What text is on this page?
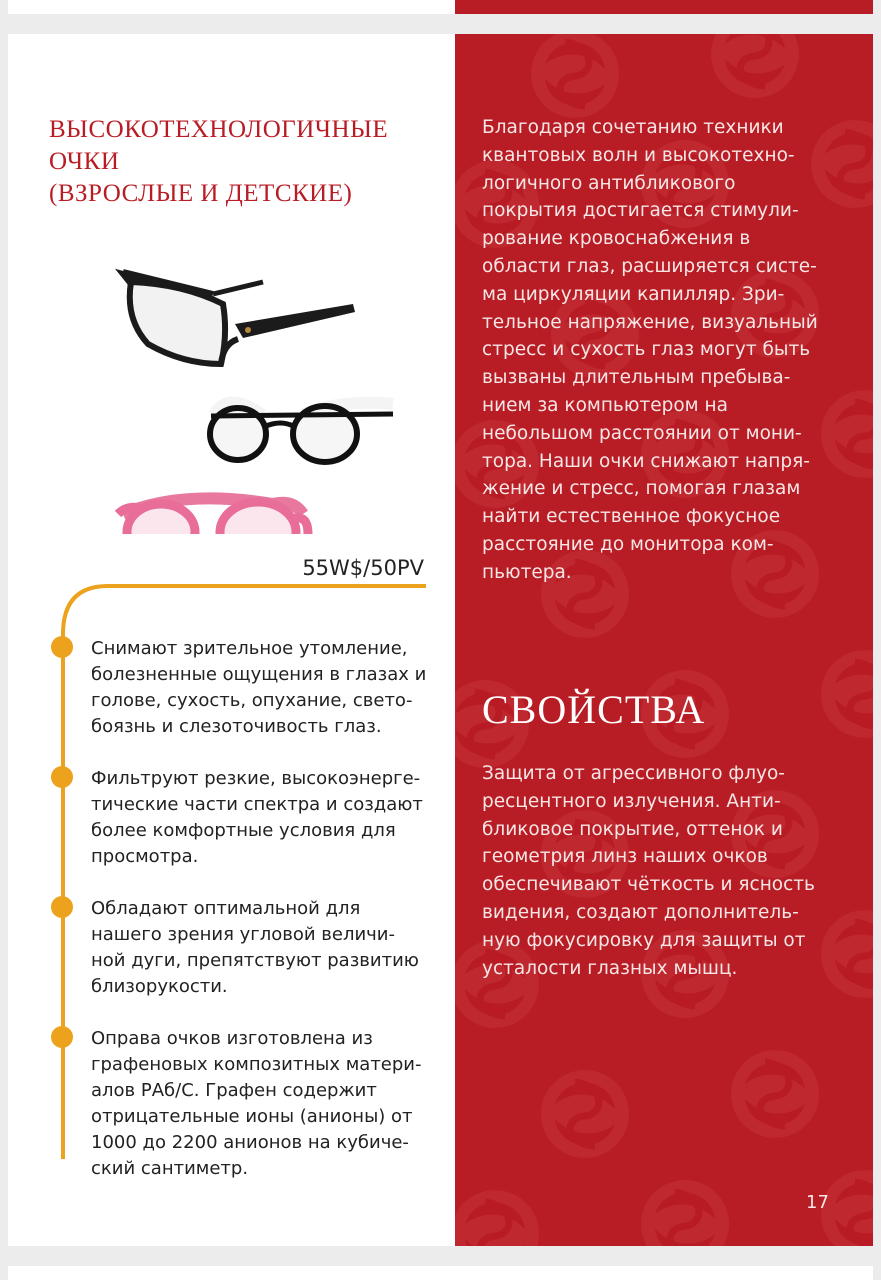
ВЫСОКОТЕХНОЛОГИЧНЫЕ
ОЧКИ
(ВЗРОСЛЫЕ И ДЕТСКИЕ)
55W$/50PV
Снимают зрительное утомление,
болезненные ощущения в глазах и
голове, сухость, опухание, свето-
боязнь и слезоточивость глаз.
Фильтруют резкие, высокоэнерге-
тические части спектра и создают
более комфортные условия для
просмотра.
Обладают оптимальной для
нашего зрения угловой величи-
ной дуги, препятствуют развитию
близорукости.
Оправа очков изготовлена из
графеновых композитных матери-
алов РАб/С. Графен содержит
отрицательные ионы (анионы) от
1000 до 2200 анионов на кубиче-
ский сантиметр.
Благодаря сочетанию техники
квантовых волн и высокотехно-
логичного антибликового
покрытия достигается стимули-
рование кровоснабжения в
области глаз, расширяется систе-
ма циркуляции капилляр. Зри-
тельное напряжение, визуальный
стресс и сухость глаз могут быть
вызваны длительным пребыва-
нием за компьютером на
небольшом расстоянии от мони-
тора. Наши очки снижают напря-
жение и стресс, помогая глазам
найти естественное фокусное
расстояние до монитора ком-
пьютера.
СВОЙСТВА
Защита от агрессивного флуо-
ресцентного излучения. Анти-
бликовое покрытие, оттенок и
геометрия линз наших очков
обеспечивают чёткость и ясность
видения, создают дополнитель-
ную фокусировку для защиты от
усталости глазных мышц.
17
